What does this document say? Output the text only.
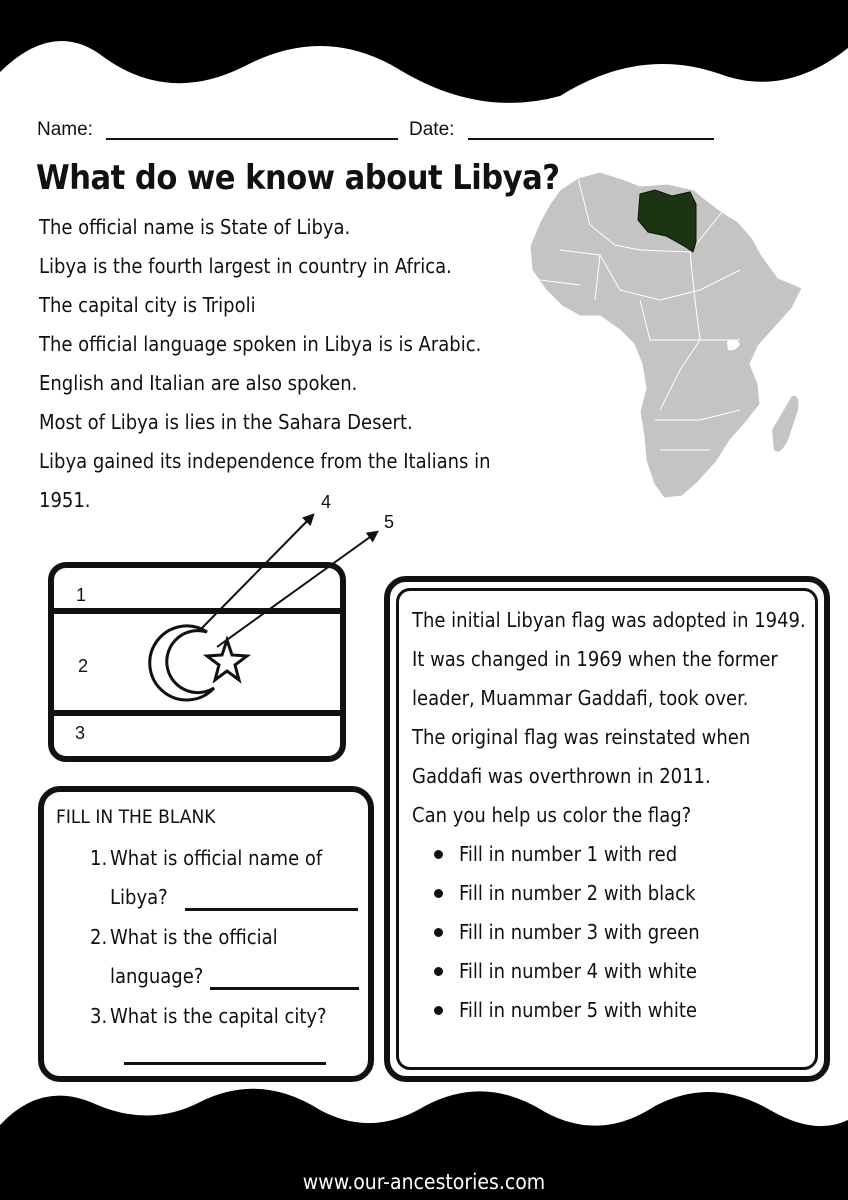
Name:	Date:
What do we know about Libya?
The official name is State of Libya.
Libya is the fourth largest in country in Africa.
The capital city is Tripoli
The official language spoken in Libya is is Arabic.
English and Italian are also spoken.
Most of Libya is lies in the Sahara Desert.
Libya gained its independence from the Italians in
1951.
1
2
3
4
5
FILL IN THE BLANK
1. What is official name of
Libya?
2. What is the official
language?
3. What is the capital city?
The initial Libyan flag was adopted in 1949.
It was changed in 1969 when the former
leader, Muammar Gaddafi, took over.
The original flag was reinstated when
Gaddafi was overthrown in 2011.
Can you help us color the flag?
Fill in number 1 with red
Fill in number 2 with black
Fill in number 3 with green
Fill in number 4 with white
Fill in number 5 with white
www.our-ancestories.com
